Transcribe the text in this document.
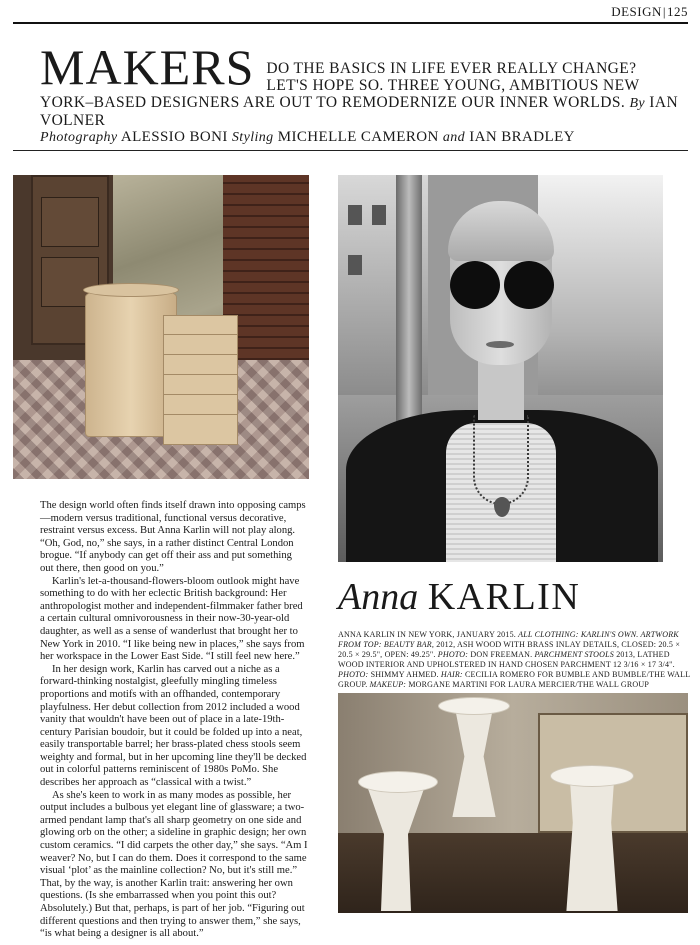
DESIGN|125
MAKERS DO THE BASICS IN LIFE EVER REALLY CHANGE?
LET'S HOPE SO. THREE YOUNG, AMBITIOUS NEW YORK–BASED DESIGNERS ARE OUT TO REMODERNIZE OUR INNER WORLDS. By IAN VOLNER
Photography ALESSIO BONI Styling MICHELLE CAMERON and IAN BRADLEY
Anna KARLIN
ANNA KARLIN IN NEW YORK, JANUARY 2015. ALL CLOTHING: KARLIN'S OWN. ARTWORK FROM TOP: BEAUTY BAR, 2012, ASH WOOD WITH BRASS INLAY DETAILS, CLOSED: 20.5 × 20.5 × 29.5", OPEN: 49.25". PHOTO: DON FREEMAN. PARCHMENT STOOLS 2013, LATHED WOOD INTERIOR AND UPHOLSTERED IN HAND CHOSEN PARCHMENT 12 3/16 × 17 3/4". PHOTO: SHIMMY AHMED. HAIR: CECILIA ROMERO FOR BUMBLE AND BUMBLE/THE WALL GROUP. MAKEUP: MORGANE MARTINI FOR LAURA MERCIER/THE WALL GROUP

The design world often finds itself drawn into opposing camps—modern versus traditional, functional versus decorative, restraint versus excess. But Anna Karlin will not play along. “Oh, God, no,” she says, in a rather distinct Central London brogue. “If anybody can get off their ass and put something out there, then good on you.”

Karlin's let-a-thousand-flowers-bloom outlook might have something to do with her eclectic British background: Her anthropologist mother and independent-filmmaker father bred a certain cultural omnivorousness in their now-30-year-old daughter, as well as a sense of wanderlust that brought her to New York in 2010. “I like being new in places,” she says from her workspace in the Lower East Side. “I still feel new here.”

In her design work, Karlin has carved out a niche as a forward-thinking nostalgist, gleefully mingling timeless proportions and motifs with an offhanded, contemporary playfulness. Her debut collection from 2012 included a wood vanity that wouldn't have been out of place in a late-19th-century Parisian boudoir, but it could be folded up into a neat, easily transportable barrel; her brass-plated chess stools seem weighty and formal, but in her upcoming line they'll be decked out in colorful patterns reminiscent of 1980s PoMo. She describes her approach as “classical with a twist.”

As she's keen to work in as many modes as possible, her output includes a bulbous yet elegant line of glassware; a two-armed pendant lamp that's all sharp geometry on one side and glowing orb on the other; a sideline in graphic design; her own custom ceramics. “I did carpets the other day,” she says. “Am I weaver? No, but I can do them. Does it correspond to the same visual ‘plot’ as the mainline collection? No, but it's still me.” That, by the way, is another Karlin trait: answering her own questions. (Is she embarrassed when you point this out? Absolutely.) But that, perhaps, is part of her job. “Figuring out different questions and then trying to answer them,” she says, “is what being a designer is all about.”
